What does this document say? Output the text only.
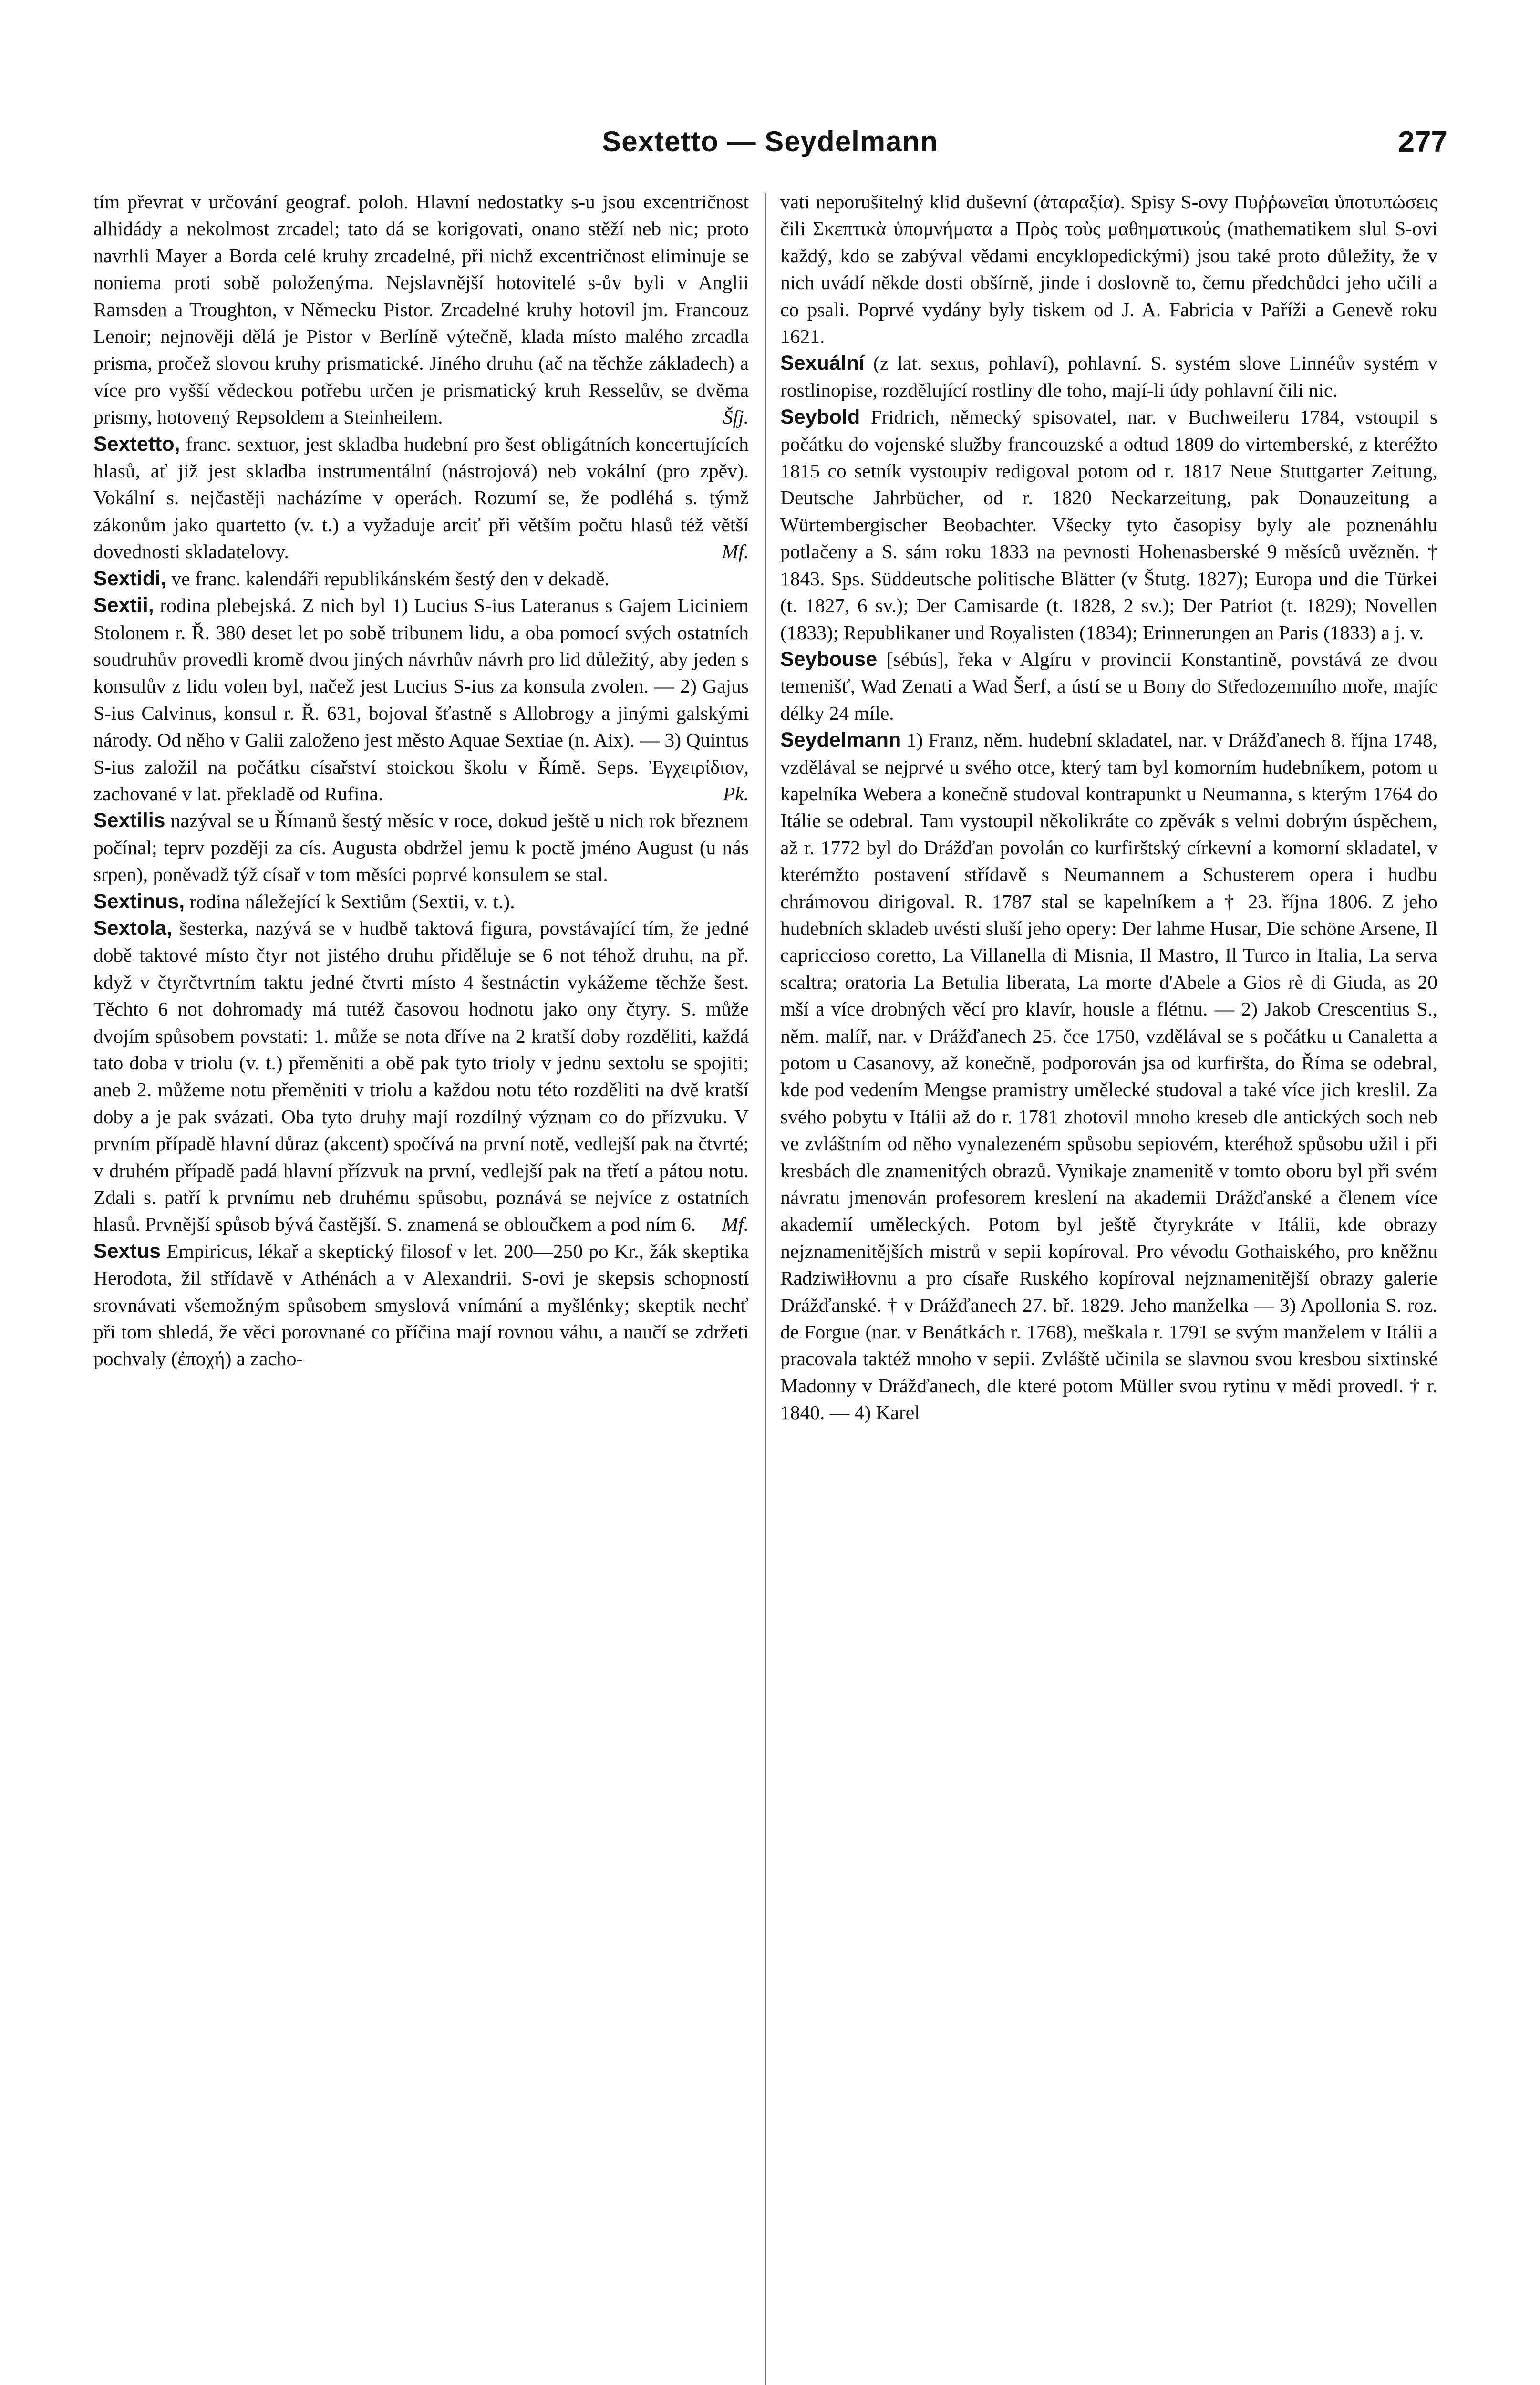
Sextetto — Seydelmann	277

tím převrat v určování geograf. poloh. Hlavní nedostatky s-u jsou excentričnost alhidády a nekolmost zrcadel; tato dá se korigovati, onano stěží neb nic; proto navrhli Mayer a Borda celé kruhy zrcadelné, při nichž excentričnost eliminuje se noniema proti sobě položenýma. Nejslavnější hotovitelé s-ův byli v Anglii Ramsden a Troughton, v Německu Pistor. Zrcadelné kruhy hotovil jm. Francouz Lenoir; nejnověji dělá je Pistor v Berlíně výtečně, klada místo malého zrcadla prisma, pročež slovou kruhy prismatické. Jiného druhu (ač na těchže základech) a více pro vyšší vědeckou potřebu určen je prismatický kruh Resselův, se dvěma prismy, hotovený Repsoldem a Steinheilem.	Šfj.

Sextetto, franc. sextuor, jest skladba hudební pro šest obligátních koncertujících hlasů, ať již jest skladba instrumentální (nástrojová) neb vokální (pro zpěv). Vokální s. nejčastěji nacházíme v operách. Rozumí se, že podléhá s. týmž zákonům jako quartetto (v. t.) a vyžaduje arciť při větším počtu hlasů též větší dovednosti skladatelovy.	Mf.

Sextidi, ve franc. kalendáři republikánském šestý den v dekadě.

Sextii, rodina plebejská. Z nich byl 1) Lucius S-ius Lateranus s Gajem Liciniem Stolonem r. Ř. 380 deset let po sobě tribunem lidu, a oba pomocí svých ostatních soudruhův provedli kromě dvou jiných návrhův návrh pro lid důležitý, aby jeden s konsulův z lidu volen byl, načež jest Lucius S-ius za konsula zvolen. — 2) Gajus S-ius Calvinus, konsul r. Ř. 631, bojoval šťastně s Allobrogy a jinými galskými národy. Od něho v Galii založeno jest město Aquae Sextiae (n. Aix). — 3) Quintus S-ius založil na počátku císařství stoickou školu v Římě. Seps. Ἐγχειρίδιον, zachované v lat. překladě od Rufina.	Pk.

Sextilis nazýval se u Římanů šestý měsíc v roce, dokud ještě u nich rok březnem počínal; teprv později za cís. Augusta obdržel jemu k poctě jméno August (u nás srpen), poněvadž týž císař v tom měsíci poprvé konsulem se stal.

Sextinus, rodina náležející k Sextiům (Sextii, v. t.).

Sextola, šesterka, nazývá se v hudbě taktová figura, povstávající tím, že jedné době taktové místo čtyr not jistého druhu přiděluje se 6 not téhož druhu, na př. když v čtyrčtvrtním taktu jedné čtvrti místo 4 šestnáctin vykážeme těchže šest. Těchto 6 not dohromady má tutéž časovou hodnotu jako ony čtyry. S. může dvojím spůsobem povstati: 1. může se nota dříve na 2 kratší doby rozděliti, každá tato doba v triolu (v. t.) přeměniti a obě pak tyto trioly v jednu sextolu se spojiti; aneb 2. můžeme notu přeměniti v triolu a každou notu této rozděliti na dvě kratší doby a je pak svázati. Oba tyto druhy mají rozdílný význam co do přízvuku. V prvním případě hlavní důraz (akcent) spočívá na první notě, vedlejší pak na čtvrté; v druhém případě padá hlavní přízvuk na první, vedlejší pak na třetí a pátou notu. Zdali s. patří k prvnímu neb druhému spůsobu, poznává se nejvíce z ostatních hlasů. Prvnější spůsob bývá častější. S. znamená se obloučkem a pod ním 6. Mf.

Sextus Empiricus, lékař a skeptický filosof v let. 200—250 po Kr., žák skeptika Herodota, žil střídavě v Athénách a v Alexandrii. S-ovi je skepsis schopností srovnávati všemožným spůsobem smyslová vnímání a myšlénky; skeptik nechť při tom shledá, že věci porovnané co příčina mají rovnou váhu, a naučí se zdržeti pochvaly (ἐποχή) a zacho-

vati neporušitelný klid duševní (ἀταραξία). Spisy S-ovy Πυῤῥωνεῖαι ὑποτυπώσεις čili Σκεπτικὰ ὑπομνήματα a Πρὸς τοὺς μαθηματικούς (mathematikem slul S-ovi každý, kdo se zabýval vědami encyklopedickými) jsou také proto důležity, že v nich uvádí někde dosti obšírně, jinde i doslovně to, čemu předchůdci jeho učili a co psali. Poprvé vydány byly tiskem od J. A. Fabricia v Paříži a Genevě roku 1621.

Sexuální (z lat. sexus, pohlaví), pohlavní. S. systém slove Linnéův systém v rostlinopise, rozdělující rostliny dle toho, mají-li údy pohlavní čili nic.

Seybold Fridrich, německý spisovatel, nar. v Buchweileru 1784, vstoupil s počátku do vojenské služby francouzské a odtud 1809 do virtemberské, z kteréžto 1815 co setník vystoupiv redigoval potom od r. 1817 Neue Stuttgarter Zeitung, Deutsche Jahrbücher, od r. 1820 Neckarzeitung, pak Donauzeitung a Würtembergischer Beobachter. Všecky tyto časopisy byly ale poznenáhlu potlačeny a S. sám roku 1833 na pevnosti Hohenasberské 9 měsíců uvězněn. † 1843. Sps. Süddeutsche politische Blätter (v Štutg. 1827); Europa und die Türkei (t. 1827, 6 sv.); Der Camisarde (t. 1828, 2 sv.); Der Patriot (t. 1829); Novellen (1833); Republikaner und Royalisten (1834); Erinnerungen an Paris (1833) a j. v.

Seybouse [sébús], řeka v Algíru v provincii Konstantině, povstává ze dvou temenišť, Wad Zenati a Wad Šerf, a ústí se u Bony do Středozemního moře, majíc délky 24 míle.

Seydelmann 1) Franz, něm. hudební skladatel, nar. v Drážďanech 8. října 1748, vzdělával se nejprvé u svého otce, který tam byl komorním hudebníkem, potom u kapelníka Webera a konečně studoval kontrapunkt u Neumanna, s kterým 1764 do Itálie se odebral. Tam vystoupil několikráte co zpěvák s velmi dobrým úspěchem, až r. 1772 byl do Drážďan povolán co kurfirštský církevní a komorní skladatel, v kterémžto postavení střídavě s Neumannem a Schusterem opera i hudbu chrámovou dirigoval. R. 1787 stal se kapelníkem a † 23. října 1806. Z jeho hudebních skladeb uvésti sluší jeho opery: Der lahme Husar, Die schöne Arsene, Il capriccioso coretto, La Villanella di Misnia, Il Mastro, Il Turco in Italia, La serva scaltra; oratoria La Betulia liberata, La morte d'Abele a Gios rè di Giuda, as 20 mší a více drobných věcí pro klavír, housle a flétnu. — 2) Jakob Crescentius S., něm. malíř, nar. v Drážďanech 25. čce 1750, vzdělával se s počátku u Canaletta a potom u Casanovy, až konečně, podporován jsa od kurfiršta, do Říma se odebral, kde pod vedením Mengse pramistry umělecké studoval a také více jich kreslil. Za svého pobytu v Itálii až do r. 1781 zhotovil mnoho kreseb dle antických soch neb ve zvláštním od něho vynalezeném spůsobu sepiovém, kteréhož spůsobu užil i při kresbách dle znamenitých obrazů. Vynikaje znamenitě v tomto oboru byl při svém návratu jmenován profesorem kreslení na akademii Drážďanské a členem více akademií uměleckých. Potom byl ještě čtyrykráte v Itálii, kde obrazy nejznamenitějších mistrů v sepii kopíroval. Pro vévodu Gothaiského, pro kněžnu Radziwiłłovnu a pro císaře Ruského kopíroval nejznamenitější obrazy galerie Drážďanské. † v Drážďanech 27. bř. 1829. Jeho manželka — 3) Apollonia S. roz. de Forgue (nar. v Benátkách r. 1768), meškala r. 1791 se svým manželem v Itálii a pracovala taktéž mnoho v sepii. Zvláště učinila se slavnou svou kresbou sixtinské Madonny v Drážďanech, dle které potom Müller svou rytinu v mědi provedl. † r. 1840. — 4) Karel
